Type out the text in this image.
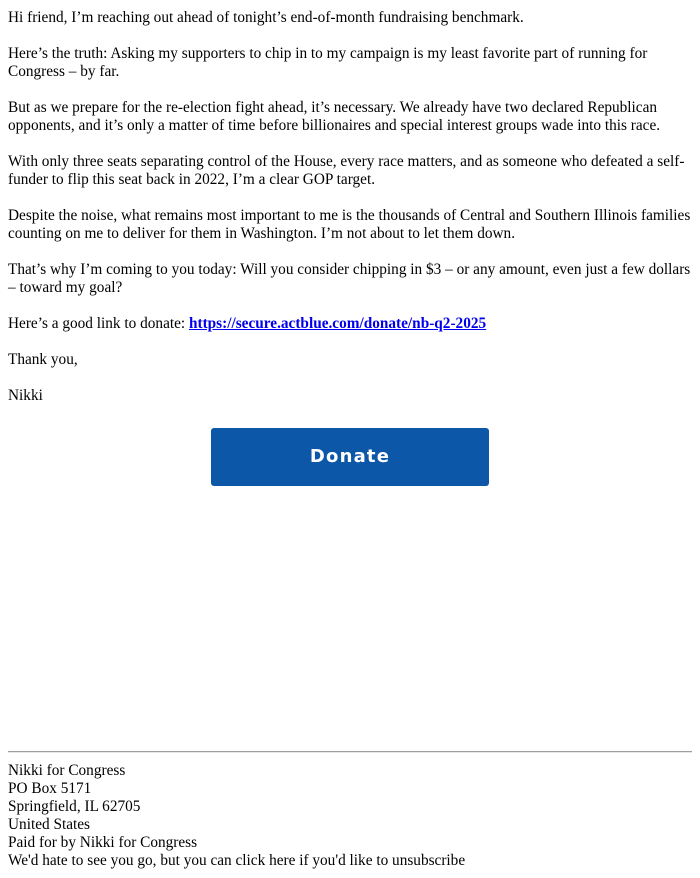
Hi friend, I’m reaching out ahead of tonight’s end-of-month fundraising benchmark.

Here’s the truth: Asking my supporters to chip in to my campaign is my least favorite part of running for Congress – by far.

But as we prepare for the re-election fight ahead, it’s necessary. We already have two declared Republican opponents, and it’s only a matter of time before billionaires and special interest groups wade into this race.

With only three seats separating control of the House, every race matters, and as someone who defeated a self-funder to flip this seat back in 2022, I’m a clear GOP target.

Despite the noise, what remains most important to me is the thousands of Central and Southern Illinois families counting on me to deliver for them in Washington. I’m not about to let them down.

That’s why I’m coming to you today: Will you consider chipping in $3 – or any amount, even just a few dollars – toward my goal?

Here’s a good link to donate: https://secure.actblue.com/donate/nb-q2-2025

Thank you,

Nikki

Donate
Nikki for Congress
PO Box 5171
Springfield, IL 62705
United States
Paid for by Nikki for Congress
We'd hate to see you go, but you can click here if you'd like to unsubscribe
